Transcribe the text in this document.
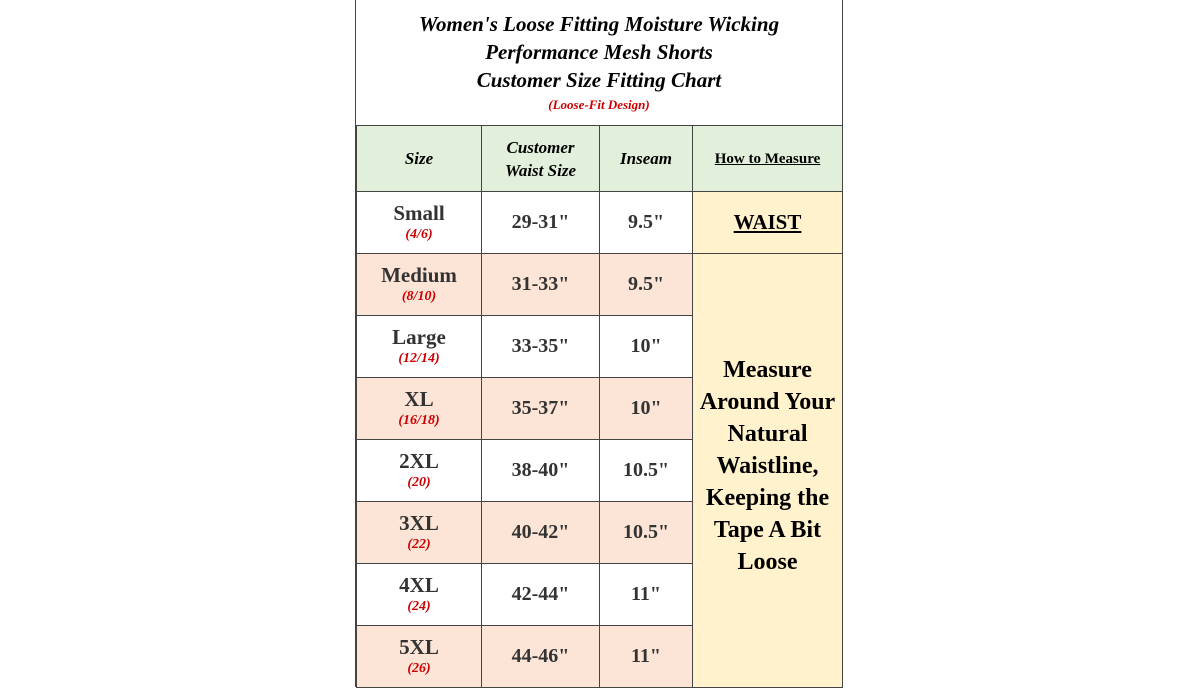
Women's Loose Fitting Moisture Wicking
Performance Mesh Shorts
Customer Size Fitting Chart
(Loose-Fit Design)
Size	Customer
Waist Size	Inseam	How to Measure

Small
(4/6)	29-31"	9.5"	WAIST

Medium
(8/10)	31-33"	9.5"	Measure Around Your Natural Waistline, Keeping the Tape A Bit Loose

Large
(12/14)	33-35"	10"	

XL
(16/18)	35-37"	10"	

2XL
(20)	38-40"	10.5"	

3XL
(22)	40-42"	10.5"	

4XL
(24)	42-44"	11"	

5XL
(26)	44-46"	11"	
